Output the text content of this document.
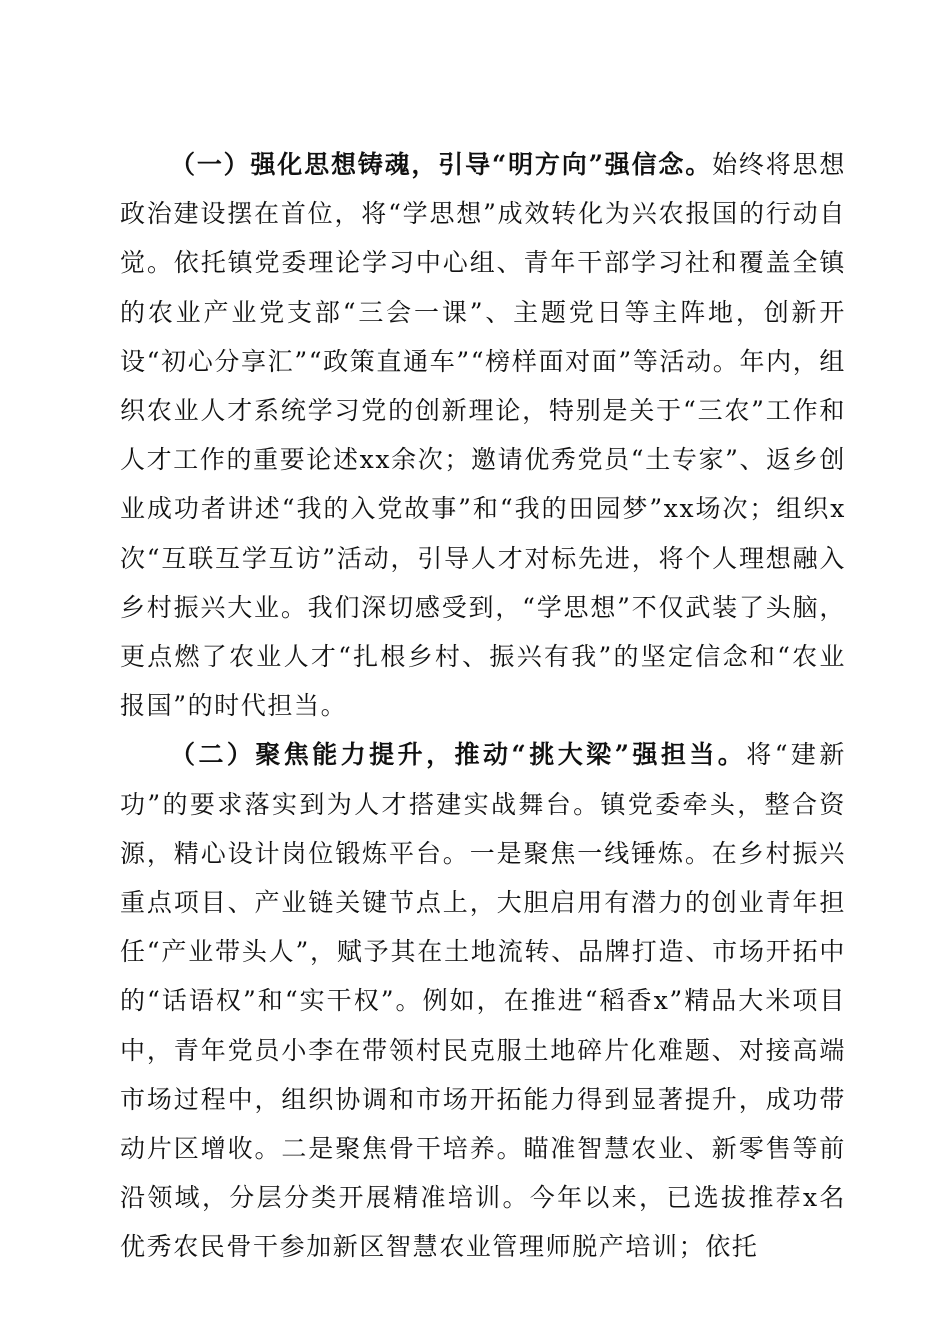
（一）强化思想铸魂，引导“明方向”强信念。始终将思想政治建设摆在首位，将“学思想”成效转化为兴农报国的行动自觉。依托镇党委理论学习中心组、青年干部学习社和覆盖全镇的农业产业党支部“三会一课”、主题党日等主阵地，创新开设“初心分享汇”“政策直通车”“榜样面对面”等活动。年内，组织农业人才系统学习党的创新理论，特别是关于“三农”工作和人才工作的重要论述xx余次；邀请优秀党员“土专家”、返乡创业成功者讲述“我的入党故事”和“我的田园梦”xx场次；组织x次“互联互学互访”活动，引导人才对标先进，将个人理想融入乡村振兴大业。我们深切感受到，“学思想”不仅武装了头脑，更点燃了农业人才“扎根乡村、振兴有我”的坚定信念和“农业报国”的时代担当。

（二）聚焦能力提升，推动“挑大梁”强担当。将“建新功”的要求落实到为人才搭建实战舞台。镇党委牵头，整合资源，精心设计岗位锻炼平台。一是聚焦一线锤炼。在乡村振兴重点项目、产业链关键节点上，大胆启用有潜力的创业青年担任“产业带头人”，赋予其在土地流转、品牌打造、市场开拓中的“话语权”和“实干权”。例如，在推进“稻香x”精品大米项目中，青年党员小李在带领村民克服土地碎片化难题、对接高端市场过程中，组织协调和市场开拓能力得到显著提升，成功带动片区增收。二是聚焦骨干培养。瞄准智慧农业、新零售等前沿领域，分层分类开展精准培训。今年以来，已选拔推荐x名优秀农民骨干参加新区智慧农业管理师脱产培训；依托
